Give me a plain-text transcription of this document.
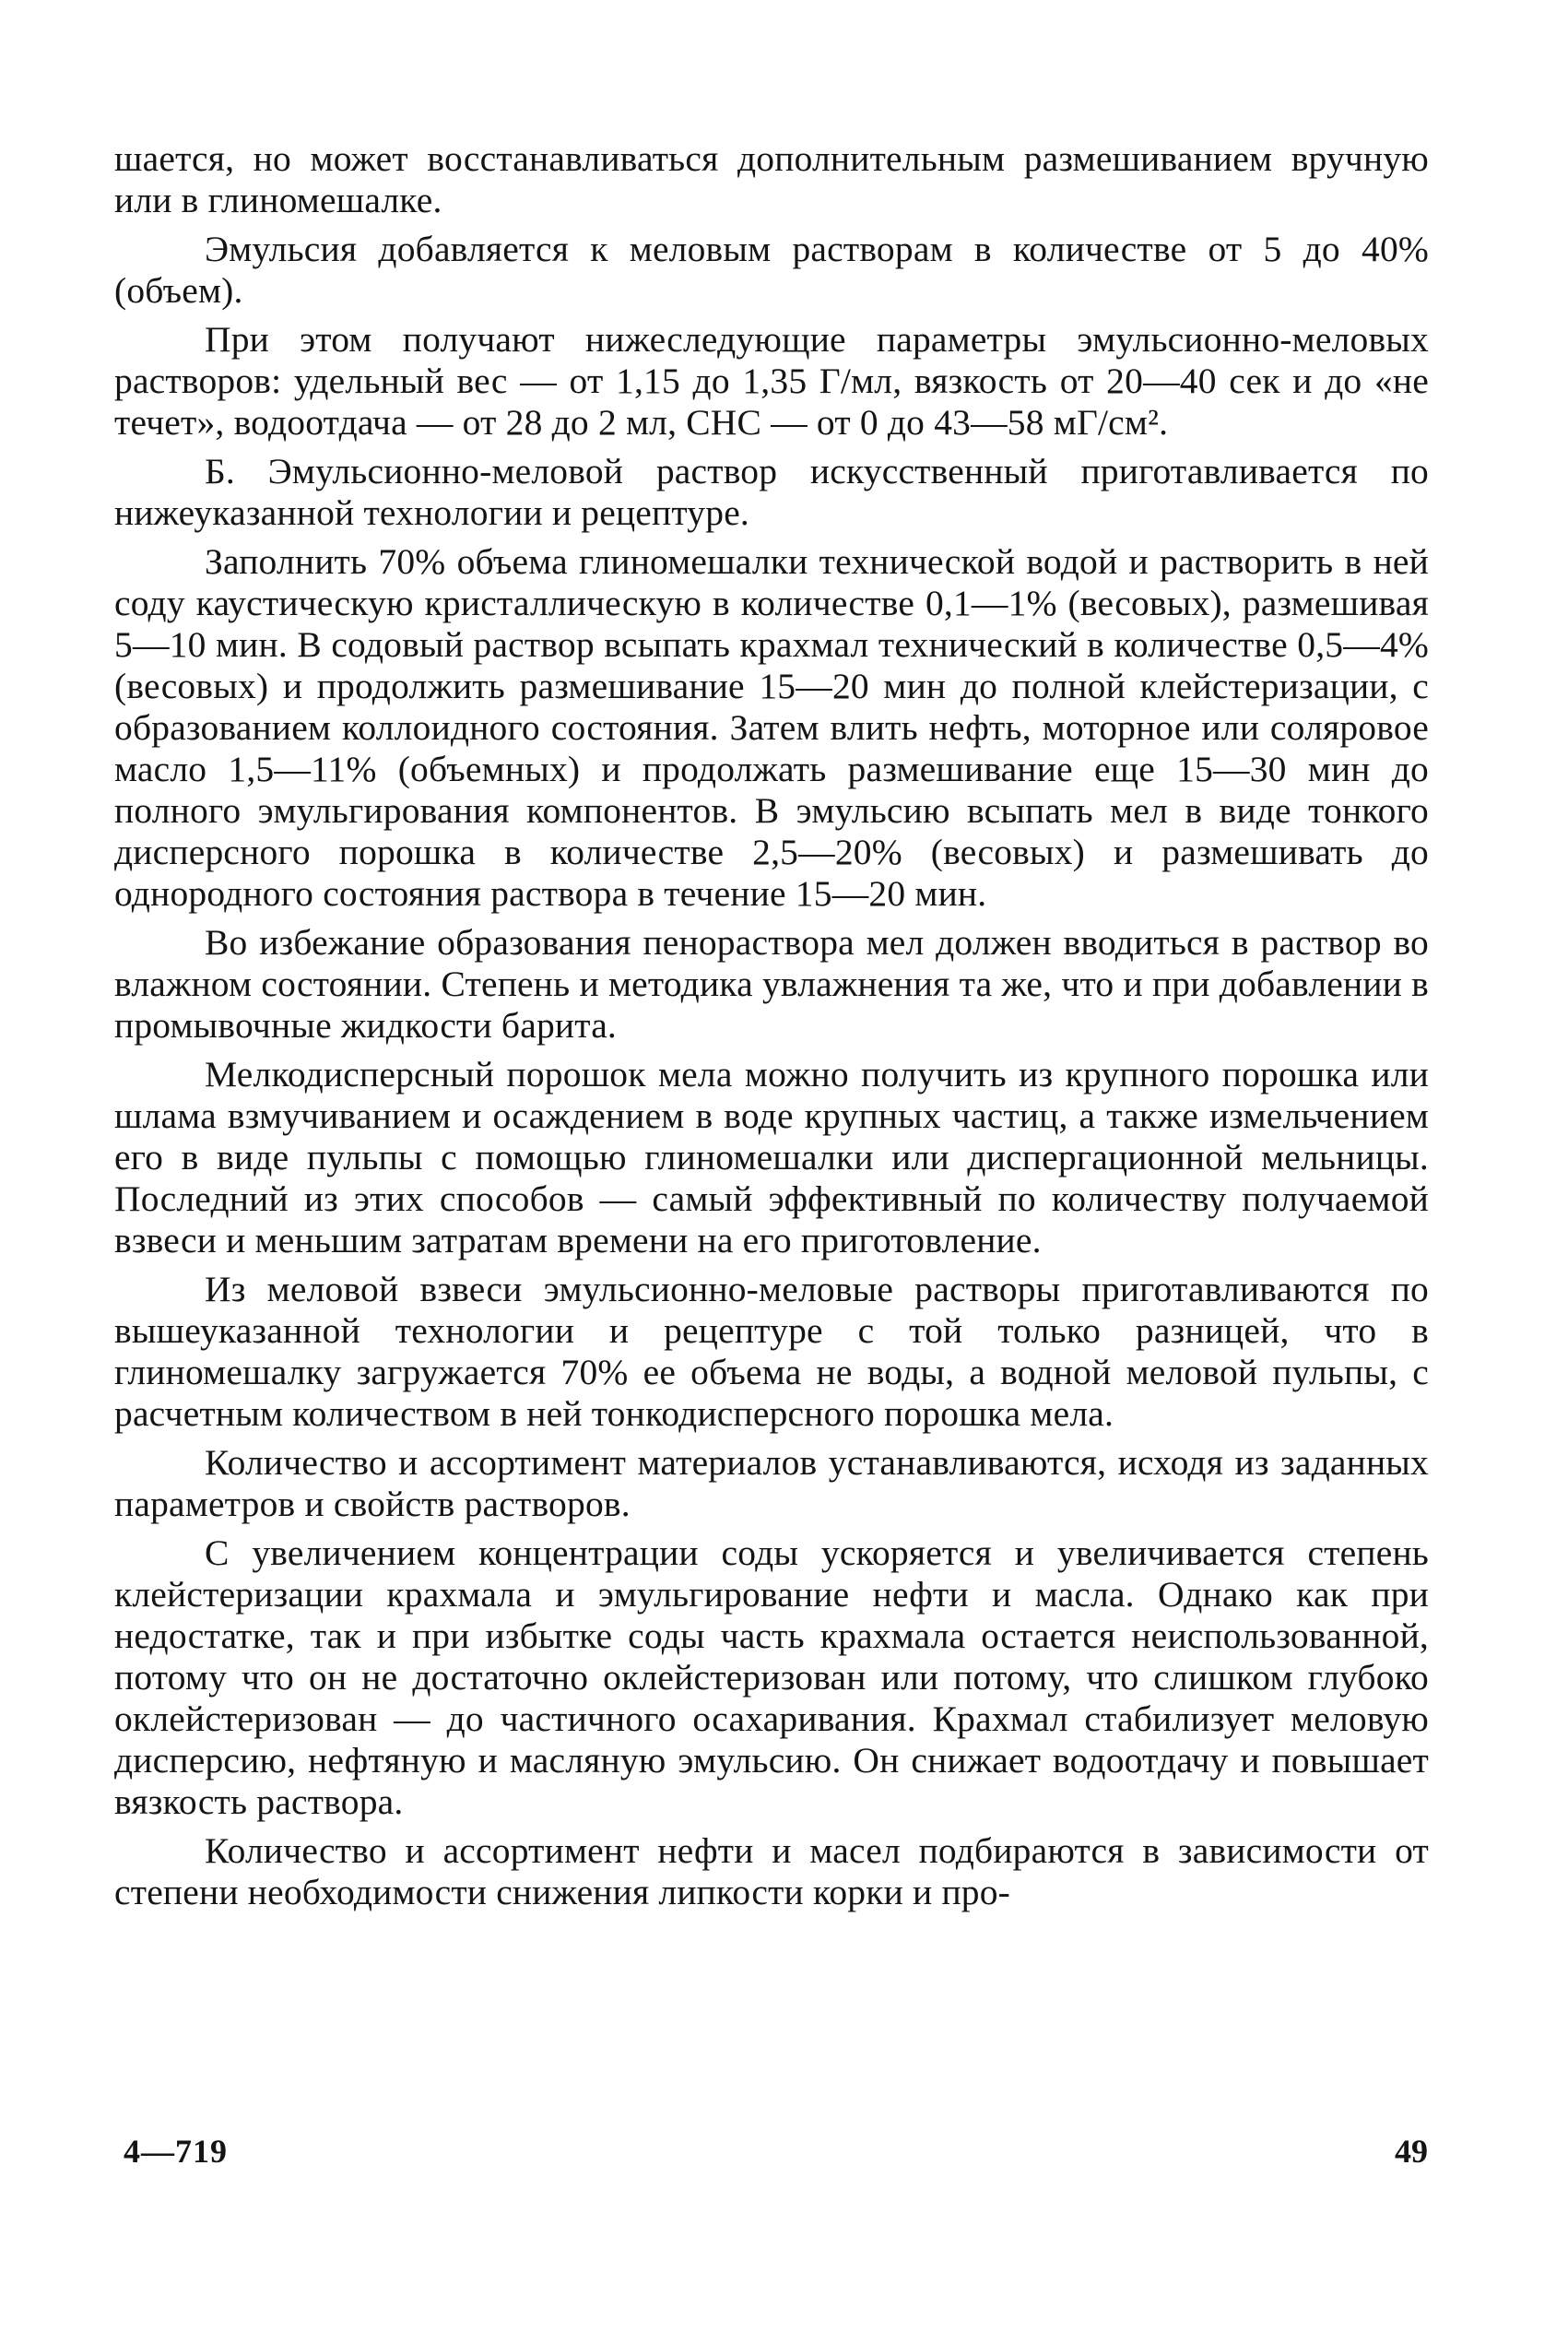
шается, но может восстанавливаться дополнительным размешиванием вручную или в глиномешалке.

Эмульсия добавляется к меловым растворам в количестве от 5 до 40% (объем).

При этом получают нижеследующие параметры эмульсионно-меловых растворов: удельный вес — от 1,15 до 1,35 Г/мл, вязкость от 20—40 сек и до «не течет», водоотдача — от 28 до 2 мл, СНС — от 0 до 43—58 мГ/см².

Б. Эмульсионно-меловой раствор искусственный приготавливается по нижеуказанной технологии и рецептуре.

Заполнить 70% объема глиномешалки технической водой и растворить в ней соду каустическую кристаллическую в количестве 0,1—1% (весовых), размешивая 5—10 мин. В содовый раствор всыпать крахмал технический в количестве 0,5—4% (весовых) и продолжить размешивание 15—20 мин до полной клейстеризации, с образованием коллоидного состояния. Затем влить нефть, моторное или соляровое масло 1,5—11% (объемных) и продолжать размешивание еще 15—30 мин до полного эмульгирования компонентов. В эмульсию всыпать мел в виде тонкого дисперсного порошка в количестве 2,5—20% (весовых) и размешивать до однородного состояния раствора в течение 15—20 мин.

Во избежание образования пенораствора мел должен вводиться в раствор во влажном состоянии. Степень и методика увлажнения та же, что и при добавлении в промывочные жидкости барита.

Мелкодисперсный порошок мела можно получить из крупного порошка или шлама взмучиванием и осаждением в воде крупных частиц, а также измельчением его в виде пульпы с помощью глиномешалки или диспергационной мельницы. Последний из этих способов — самый эффективный по количеству получаемой взвеси и меньшим затратам времени на его приготовление.

Из меловой взвеси эмульсионно-меловые растворы приготавливаются по вышеуказанной технологии и рецептуре с той только разницей, что в глиномешалку загружается 70% ее объема не воды, а водной меловой пульпы, с расчетным количеством в ней тонкодисперсного порошка мела.

Количество и ассортимент материалов устанавливаются, исходя из заданных параметров и свойств растворов.

С увеличением концентрации соды ускоряется и увеличивается степень клейстеризации крахмала и эмульгирование нефти и масла. Однако как при недостатке, так и при избытке соды часть крахмала остается неиспользованной, потому что он не достаточно оклейстеризован или потому, что слишком глубоко оклейстеризован — до частичного осахаривания. Крахмал стабилизует меловую дисперсию, нефтяную и масляную эмульсию. Он снижает водоотдачу и повышает вязкость раствора.

Количество и ассортимент нефти и масел подбираются в зависимости от степени необходимости снижения липкости корки и про-

4—719	49
